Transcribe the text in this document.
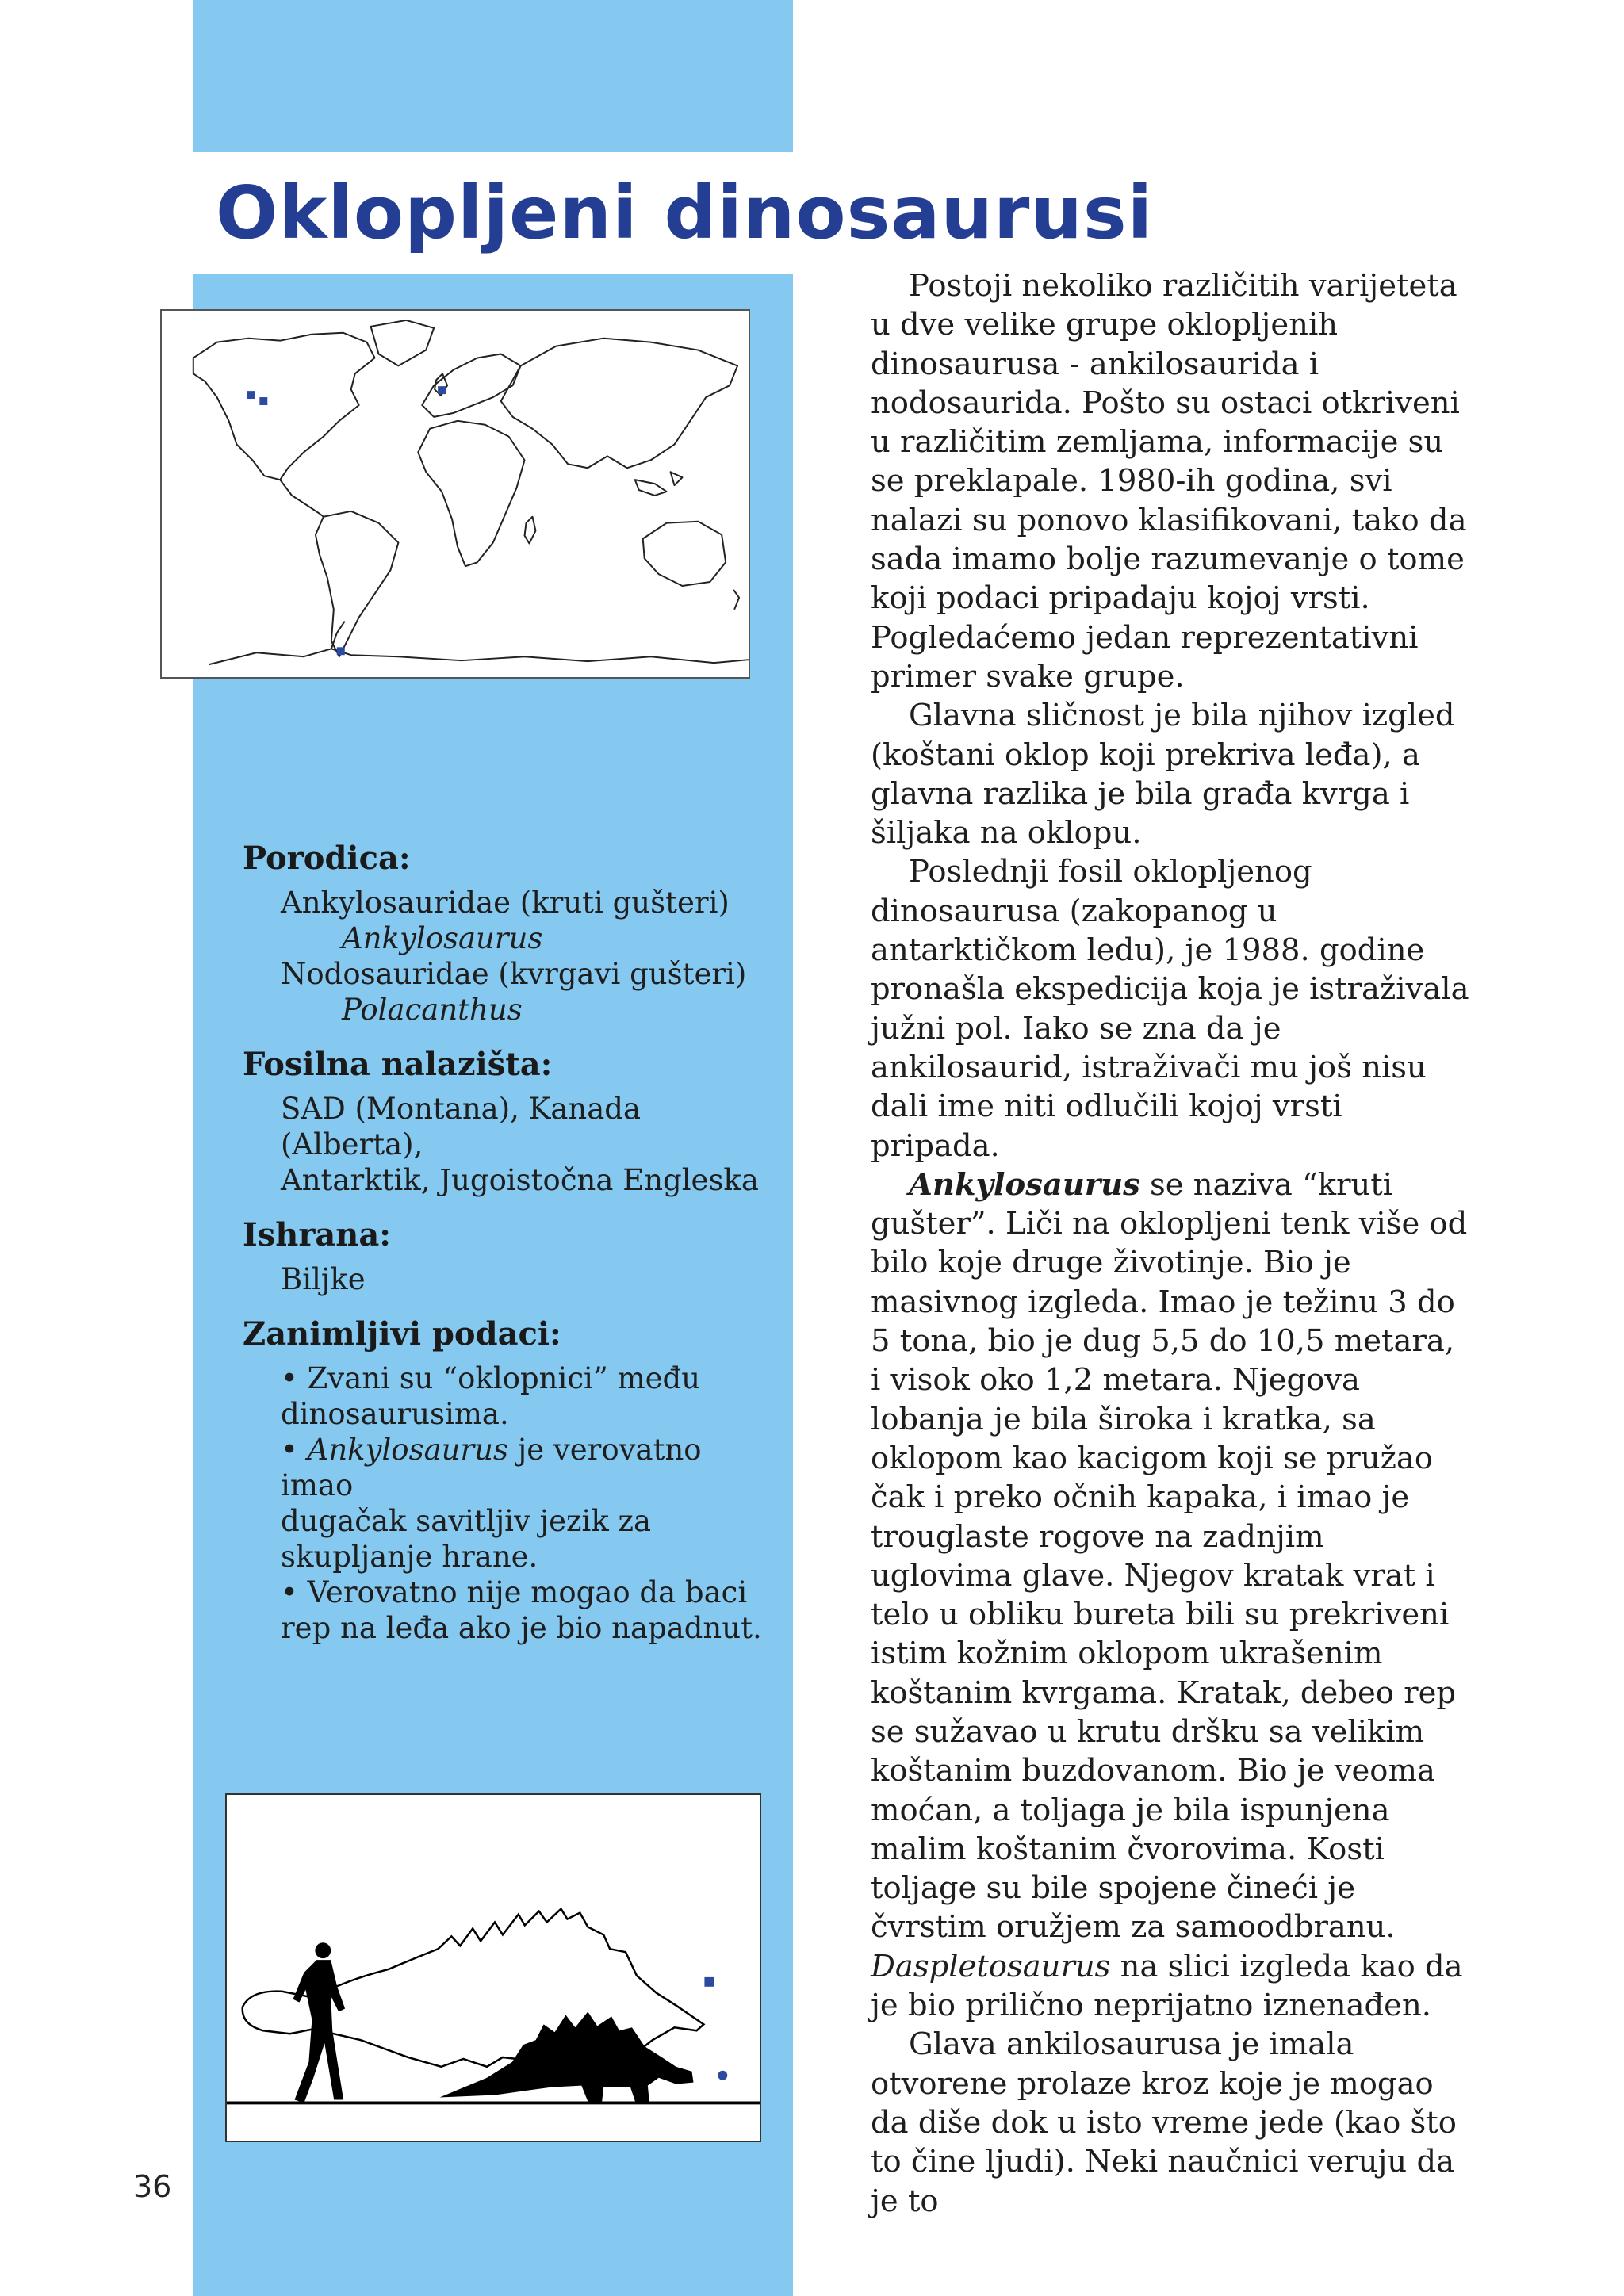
Oklopljeni dinosaurusi
Porodica:
Ankylosauridae (kruti gušteri)
Ankylosaurus
Nodosauridae (kvrgavi gušteri)
Polacanthus
Fosilna nalazišta:
SAD (Montana), Kanada (Alberta),
Antarktik, Jugoistočna Engleska
Ishrana:
Biljke
Zanimljivi podaci:
• Zvani su “oklopnici” među
dinosaurusima.
• Ankylosaurus je verovatno imao
dugačak savitljiv jezik za
skupljanje hrane.
• Verovatno nije mogao da baci
rep na leđa ako je bio napadnut.
36

Postoji nekoliko različitih varijeteta u dve velike grupe oklopljenih dinosaurusa - ankilosaurida i nodosaurida. Pošto su ostaci otkriveni u različitim zemljama, informacije su se preklapale. 1980-ih godina, svi nalazi su ponovo klasifikovani, tako da sada imamo bolje razumevanje o tome koji podaci pripadaju kojoj vrsti. Pogledaćemo jedan reprezentativni primer svake grupe.

Glavna sličnost je bila njihov izgled (koštani oklop koji prekriva leđa), a glavna razlika je bila građa kvrga i šiljaka na oklopu.

Poslednji fosil oklopljenog dinosaurusa (zakopanog u antarktičkom ledu), je 1988. godine pronašla ekspedicija koja je istraživala južni pol. Iako se zna da je ankilosaurid, istraživači mu još nisu dali ime niti odlučili kojoj vrsti pripada.

Ankylosaurus se naziva “kruti gušter”. Liči na oklopljeni tenk više od bilo koje druge životinje. Bio je masivnog izgleda. Imao je težinu 3 do 5 tona, bio je dug 5,5 do 10,5 metara, i visok oko 1,2 metara. Njegova lobanja je bila široka i kratka, sa oklopom kao kacigom koji se pružao čak i preko očnih kapaka, i imao je trouglaste rogove na zadnjim uglovima glave. Njegov kratak vrat i telo u obliku bureta bili su prekriveni istim kožnim oklopom ukrašenim koštanim kvrgama. Kratak, debeo rep se sužavao u krutu dršku sa velikim koštanim buzdovanom. Bio je veoma moćan, a toljaga je bila ispunjena malim koštanim čvorovima. Kosti toljage su bile spojene čineći je čvrstim oružjem za samoodbranu. Daspletosaurus na slici izgleda kao da je bio prilično neprijatno iznenađen.

Glava ankilosaurusa je imala otvorene prolaze kroz koje je mogao da diše dok u isto vreme jede (kao što to čine ljudi). Neki naučnici veruju da je to
